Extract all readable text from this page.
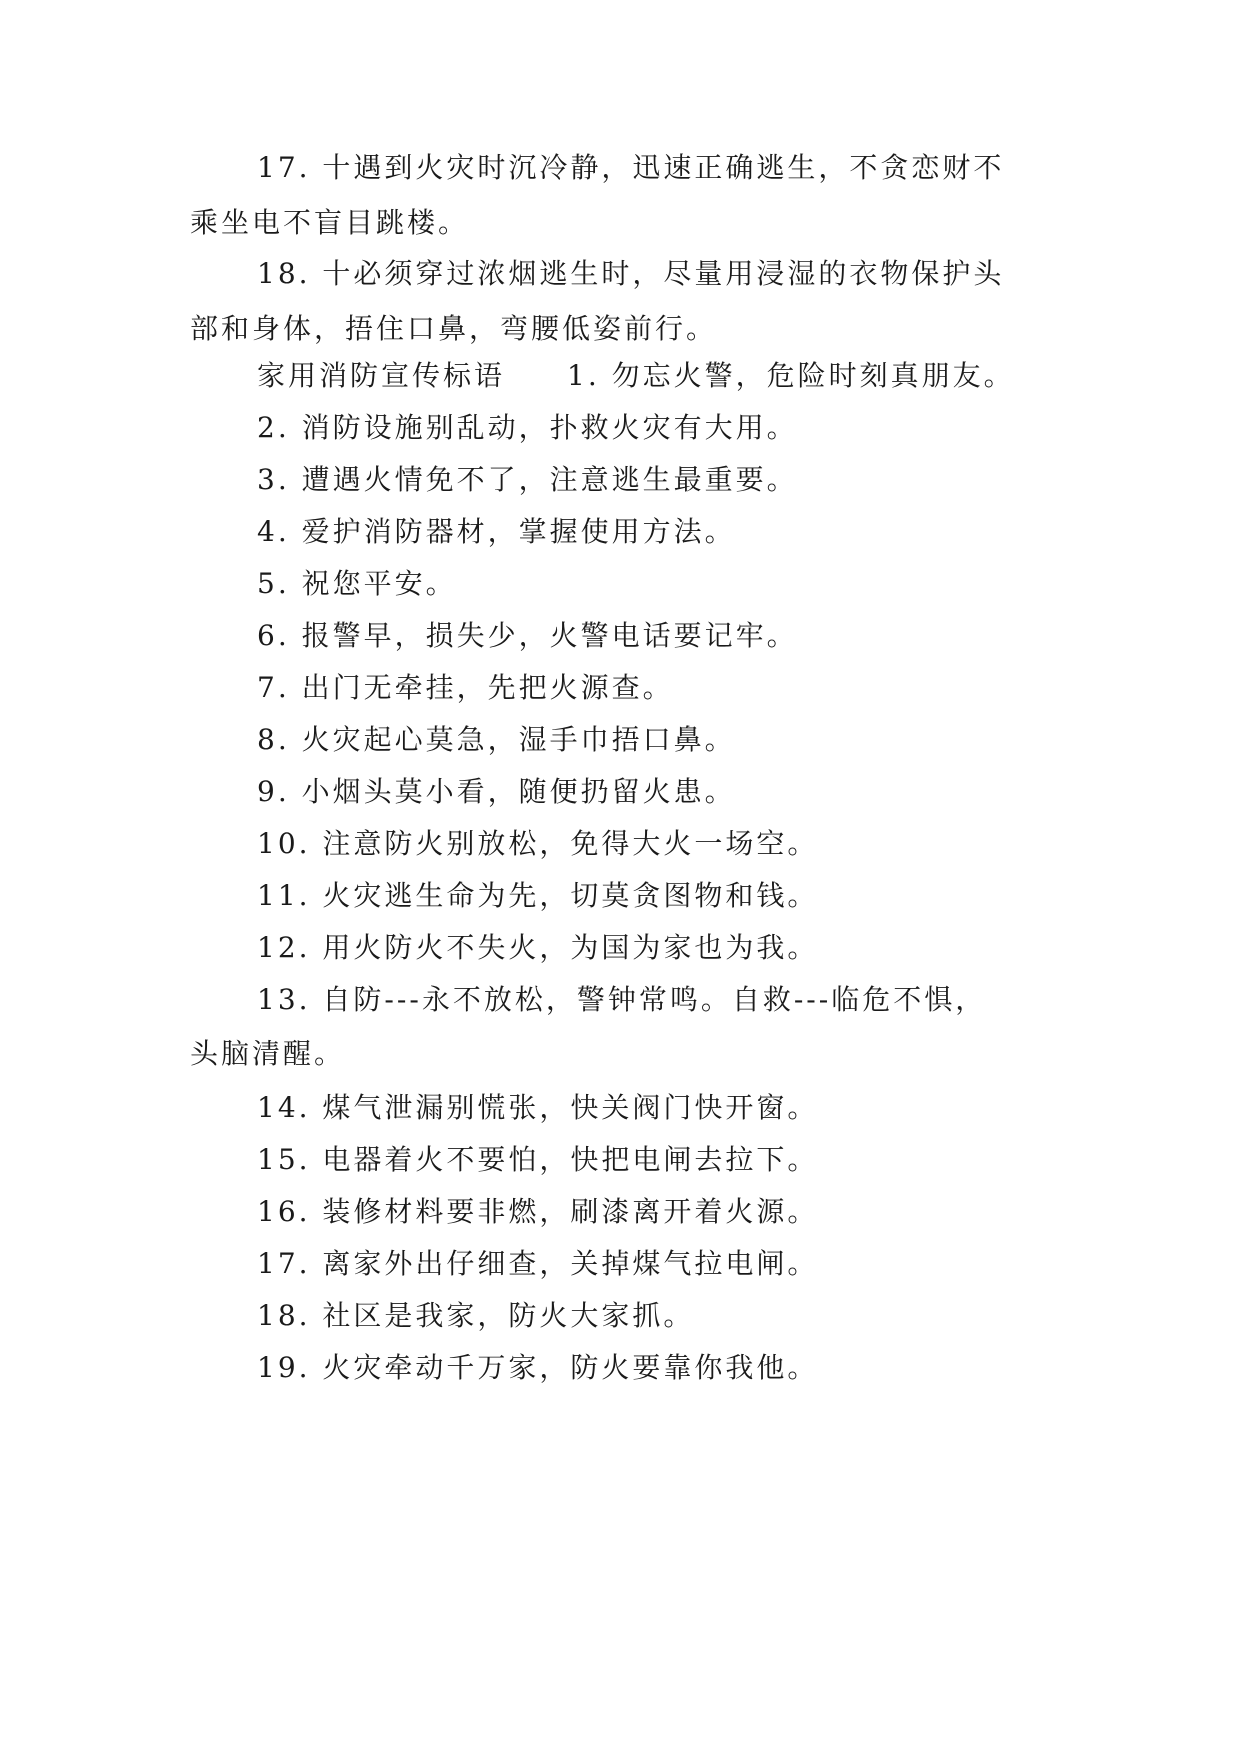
17. 十遇到火灾时沉冷静，迅速正确逃生，不贪恋财不
乘坐电不盲目跳楼。
18. 十必须穿过浓烟逃生时，尽量用浸湿的衣物保护头
部和身体，捂住口鼻，弯腰低姿前行。
家用消防宣传标语 1. 勿忘火警，危险时刻真朋友。
2. 消防设施别乱动，扑救火灾有大用。
3. 遭遇火情免不了，注意逃生最重要。
4. 爱护消防器材，掌握使用方法。
5. 祝您平安。
6. 报警早，损失少，火警电话要记牢。
7. 出门无牵挂，先把火源查。
8. 火灾起心莫急，湿手巾捂口鼻。
9. 小烟头莫小看，随便扔留火患。
10. 注意防火别放松，免得大火一场空。
11. 火灾逃生命为先，切莫贪图物和钱。
12. 用火防火不失火，为国为家也为我。
13. 自防---永不放松，警钟常鸣。自救---临危不惧，
头脑清醒。
14. 煤气泄漏别慌张，快关阀门快开窗。
15. 电器着火不要怕，快把电闸去拉下。
16. 装修材料要非燃，刷漆离开着火源。
17. 离家外出仔细查，关掉煤气拉电闸。
18. 社区是我家，防火大家抓。
19. 火灾牵动千万家，防火要靠你我他。
